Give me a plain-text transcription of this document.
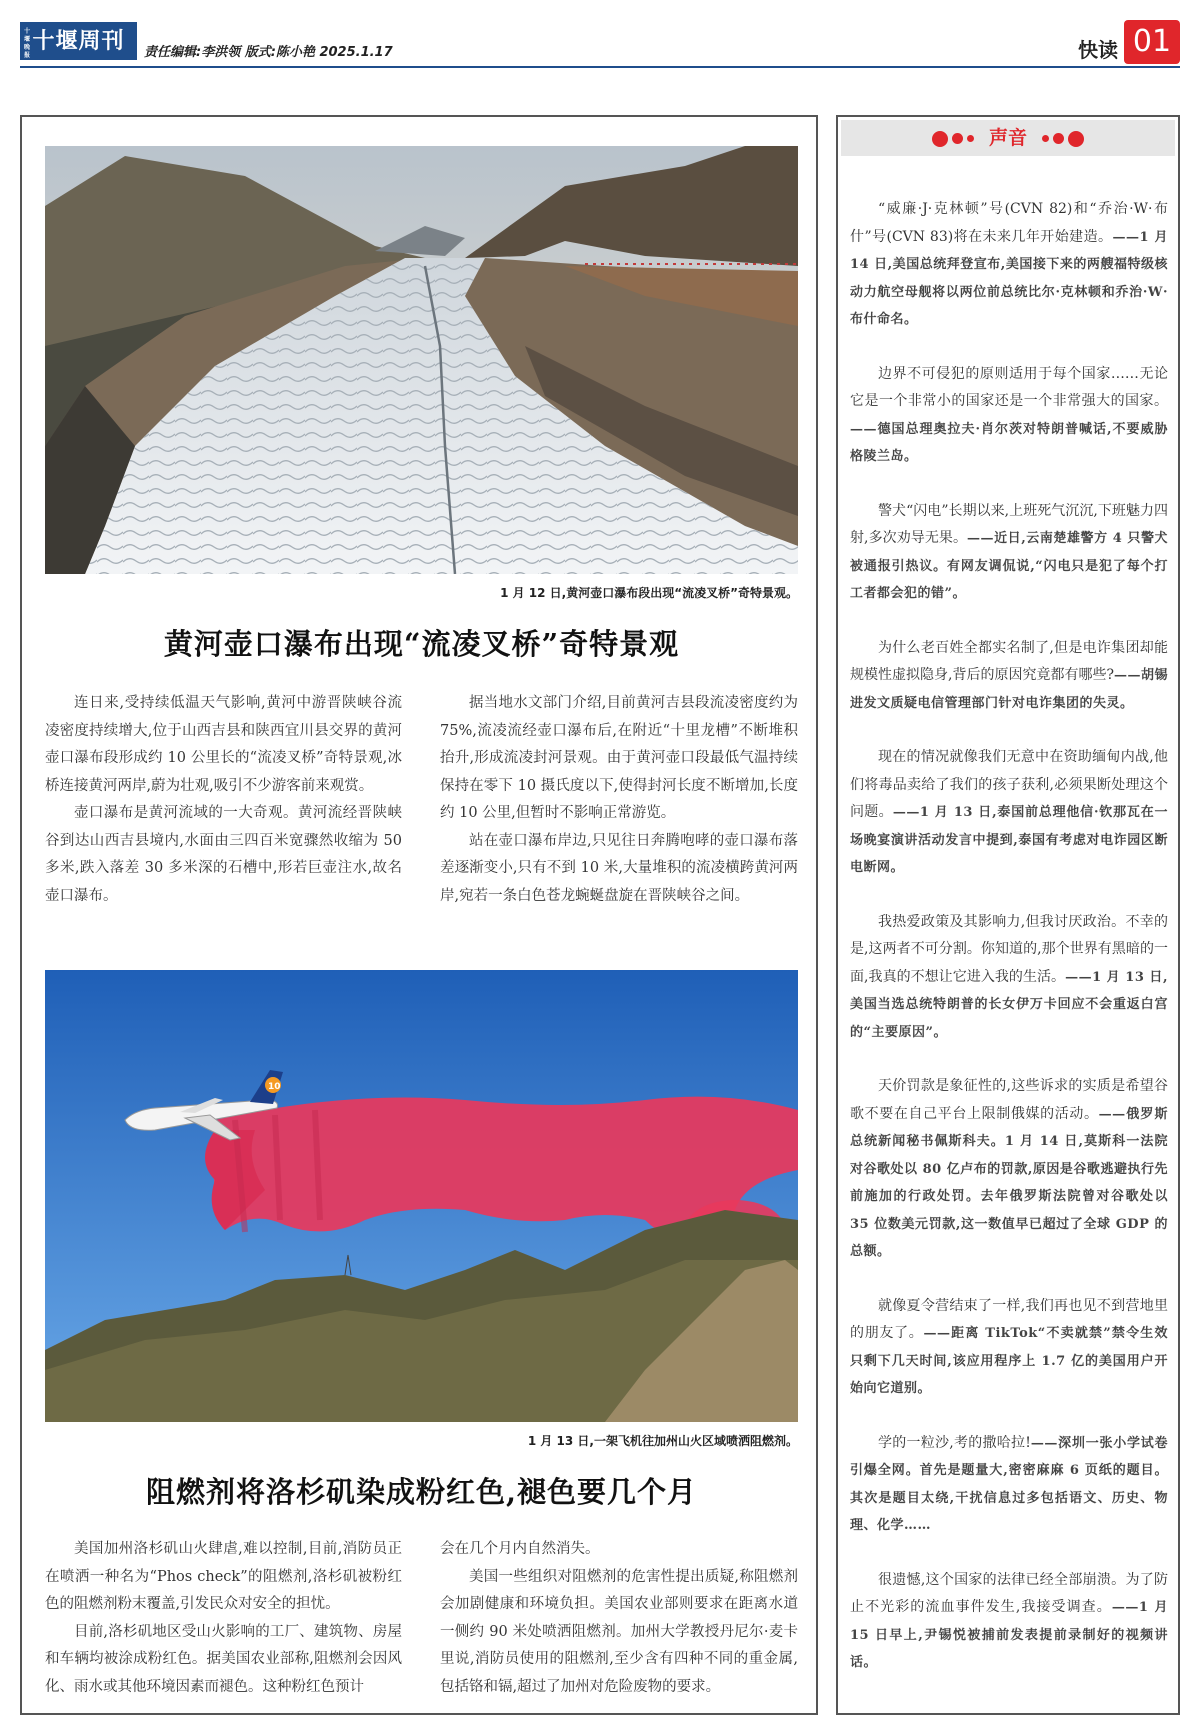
十堰晚报
十堰周刊	责任编辑:李洪领 版式:陈小艳 2025.1.17	快读 01
1 月 12 日,黄河壶口瀑布段出现“流凌叉桥”奇特景观。
黄河壶口瀑布出现“流凌叉桥”奇特景观

连日来,受持续低温天气影响,黄河中游晋陕峡谷流凌密度持续增大,位于山西吉县和陕西宜川县交界的黄河壶口瀑布段形成约 10 公里长的“流凌叉桥”奇特景观,冰桥连接黄河两岸,蔚为壮观,吸引不少游客前来观赏。

壶口瀑布是黄河流域的一大奇观。黄河流经晋陕峡谷到达山西吉县境内,水面由三四百米宽骤然收缩为 50 多米,跌入落差 30 多米深的石槽中,形若巨壶注水,故名壶口瀑布。

据当地水文部门介绍,目前黄河吉县段流凌密度约为 75%,流凌流经壶口瀑布后,在附近“十里龙槽”不断堆积抬升,形成流凌封河景观。由于黄河壶口段最低气温持续保持在零下 10 摄氏度以下,使得封河长度不断增加,长度约 10 公里,但暂时不影响正常游览。

站在壶口瀑布岸边,只见往日奔腾咆哮的壶口瀑布落差逐渐变小,只有不到 10 米,大量堆积的流凌横跨黄河两岸,宛若一条白色苍龙蜿蜒盘旋在晋陕峡谷之间。

10
1 月 13 日,一架飞机往加州山火区域喷洒阻燃剂。
阻燃剂将洛杉矶染成粉红色,褪色要几个月

美国加州洛杉矶山火肆虐,难以控制,目前,消防员正在喷洒一种名为“Phos check”的阻燃剂,洛杉矶被粉红色的阻燃剂粉末覆盖,引发民众对安全的担忧。

目前,洛杉矶地区受山火影响的工厂、建筑物、房屋和车辆均被涂成粉红色。据美国农业部称,阻燃剂会因风化、雨水或其他环境因素而褪色。这种粉红色预计

会在几个月内自然消失。

美国一些组织对阻燃剂的危害性提出质疑,称阻燃剂会加剧健康和环境负担。美国农业部则要求在距离水道一侧约 90 米处喷洒阻燃剂。加州大学教授丹尼尔·麦卡里说,消防员使用的阻燃剂,至少含有四种不同的重金属,包括铬和镉,超过了加州对危险废物的要求。

声音
“威廉·J·克林顿”号(CVN 82)和“乔治·W·布什”号(CVN 83)将在未来几年开始建造。——1 月 14 日,美国总统拜登宣布,美国接下来的两艘福特级核动力航空母舰将以两位前总统比尔·克林顿和乔治·W·布什命名。
边界不可侵犯的原则适用于每个国家……无论它是一个非常小的国家还是一个非常强大的国家。——德国总理奥拉夫·肖尔茨对特朗普喊话,不要威胁格陵兰岛。
警犬“闪电”长期以来,上班死气沉沉,下班魅力四射,多次劝导无果。——近日,云南楚雄警方 4 只警犬被通报引热议。有网友调侃说,“闪电只是犯了每个打工者都会犯的错”。
为什么老百姓全都实名制了,但是电诈集团却能规模性虚拟隐身,背后的原因究竟都有哪些?——胡锡进发文质疑电信管理部门针对电诈集团的失灵。
现在的情况就像我们无意中在资助缅甸内战,他们将毒品卖给了我们的孩子获利,必须果断处理这个问题。——1 月 13 日,泰国前总理他信·钦那瓦在一场晚宴演讲活动发言中提到,泰国有考虑对电诈园区断电断网。
我热爱政策及其影响力,但我讨厌政治。不幸的是,这两者不可分割。你知道的,那个世界有黑暗的一面,我真的不想让它进入我的生活。——1 月 13 日,美国当选总统特朗普的长女伊万卡回应不会重返白宫的“主要原因”。
天价罚款是象征性的,这些诉求的实质是希望谷歌不要在自己平台上限制俄媒的活动。——俄罗斯总统新闻秘书佩斯科夫。1 月 14 日,莫斯科一法院对谷歌处以 80 亿卢布的罚款,原因是谷歌逃避执行先前施加的行政处罚。去年俄罗斯法院曾对谷歌处以 35 位数美元罚款,这一数值早已超过了全球 GDP 的总额。
就像夏令营结束了一样,我们再也见不到营地里的朋友了。——距离 TikTok“不卖就禁”禁令生效只剩下几天时间,该应用程序上 1.7 亿的美国用户开始向它道别。
学的一粒沙,考的撒哈拉!——深圳一张小学试卷引爆全网。首先是题量大,密密麻麻 6 页纸的题目。其次是题目太绕,干扰信息过多包括语文、历史、物理、化学……
很遗憾,这个国家的法律已经全部崩溃。为了防止不光彩的流血事件发生,我接受调查。——1 月 15 日早上,尹锡悦被捕前发表提前录制好的视频讲话。
